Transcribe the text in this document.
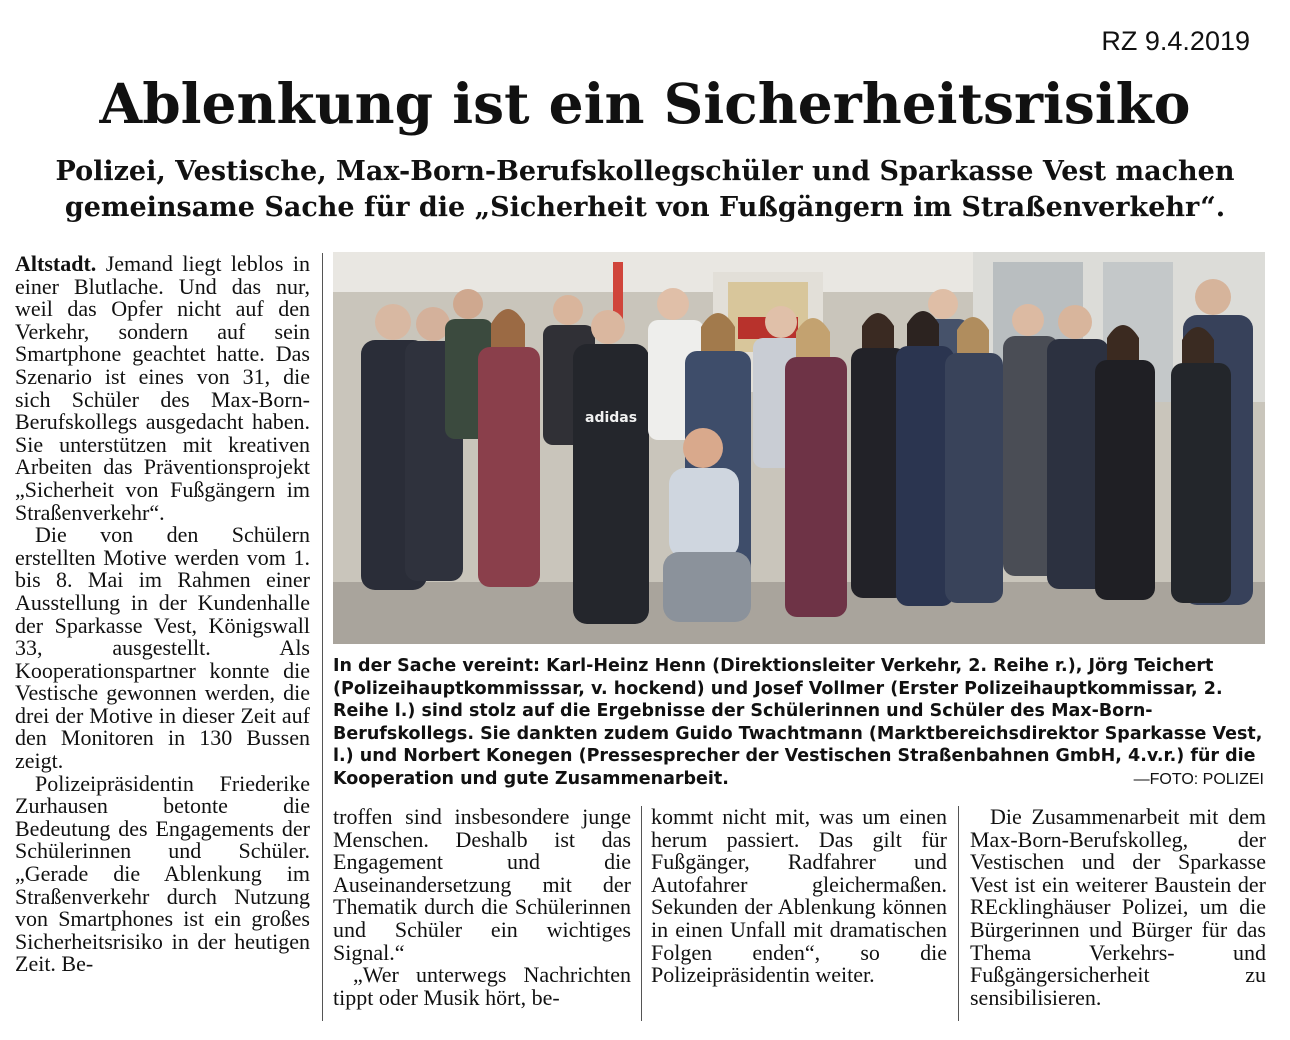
RZ 9.4.2019
Ablenkung ist ein Sicherheitsrisiko
Polizei, Vestische, Max-Born-Berufskollegschüler und Sparkasse Vest machen
gemeinsame Sache für die „Sicherheit von Fußgängern im Straßenverkehr“.

Altstadt. Jemand liegt leblos in einer Blutlache. Und das nur, weil das Opfer nicht auf den Verkehr, sondern auf sein Smartphone geachtet hatte. Das Szenario ist eines von 31, die sich Schüler des Max-Born-Berufskollegs ausgedacht haben. Sie unterstützen mit kreativen Arbeiten das Präventionsprojekt „Sicherheit von Fußgängern im Straßenverkehr“.

Die von den Schülern erstellten Motive werden vom 1. bis 8. Mai im Rahmen einer Ausstellung in der Kundenhalle der Sparkasse Vest, Königswall 33, ausgestellt. Als Kooperationspartner konnte die Vestische gewonnen werden, die drei der Motive in dieser Zeit auf den Monitoren in 130 Bussen zeigt.

Polizeipräsidentin Friederike Zurhausen betonte die Bedeutung des Engagements der Schülerinnen und Schüler. „Gerade die Ablenkung im Straßenverkehr durch Nutzung von Smartphones ist ein großes Sicherheitsrisiko in der heutigen Zeit. Be-

adidas

In der Sache vereint: Karl-Heinz Henn (Direktionsleiter Verkehr, 2. Reihe r.), Jörg Teichert (Polizeihauptkommisssar, v. hockend) und Josef Vollmer (Erster Polizeihauptkommissar, 2. Reihe l.) sind stolz auf die Ergebnisse der Schülerinnen und Schüler des Max-Born-Berufskollegs. Sie dankten zudem Guido Twachtmann (Marktbereichsdirektor Sparkasse Vest, l.) und Norbert Konegen (Pressesprecher der Vestischen Straßenbahnen GmbH, 4.v.r.) für die Kooperation und gute Zusammenarbeit.	—FOTO: POLIZEI

troffen sind insbesondere junge Menschen. Deshalb ist das Engagement und die Auseinandersetzung mit der Thematik durch die Schülerinnen und Schüler ein wichtiges Signal.“

„Wer unterwegs Nachrichten tippt oder Musik hört, be-

kommt nicht mit, was um einen herum passiert. Das gilt für Fußgänger, Radfahrer und Autofahrer gleichermaßen. Sekunden der Ablenkung können in einen Unfall mit dramatischen Folgen enden“, so die Polizeipräsidentin weiter.

Die Zusammenarbeit mit dem Max-Born-Berufskolleg, der Vestischen und der Sparkasse Vest ist ein weiterer Baustein der REcklinghäuser Polizei, um die Bürgerinnen und Bürger für das Thema Verkehrs- und Fußgängersicherheit zu sensibilisieren.
